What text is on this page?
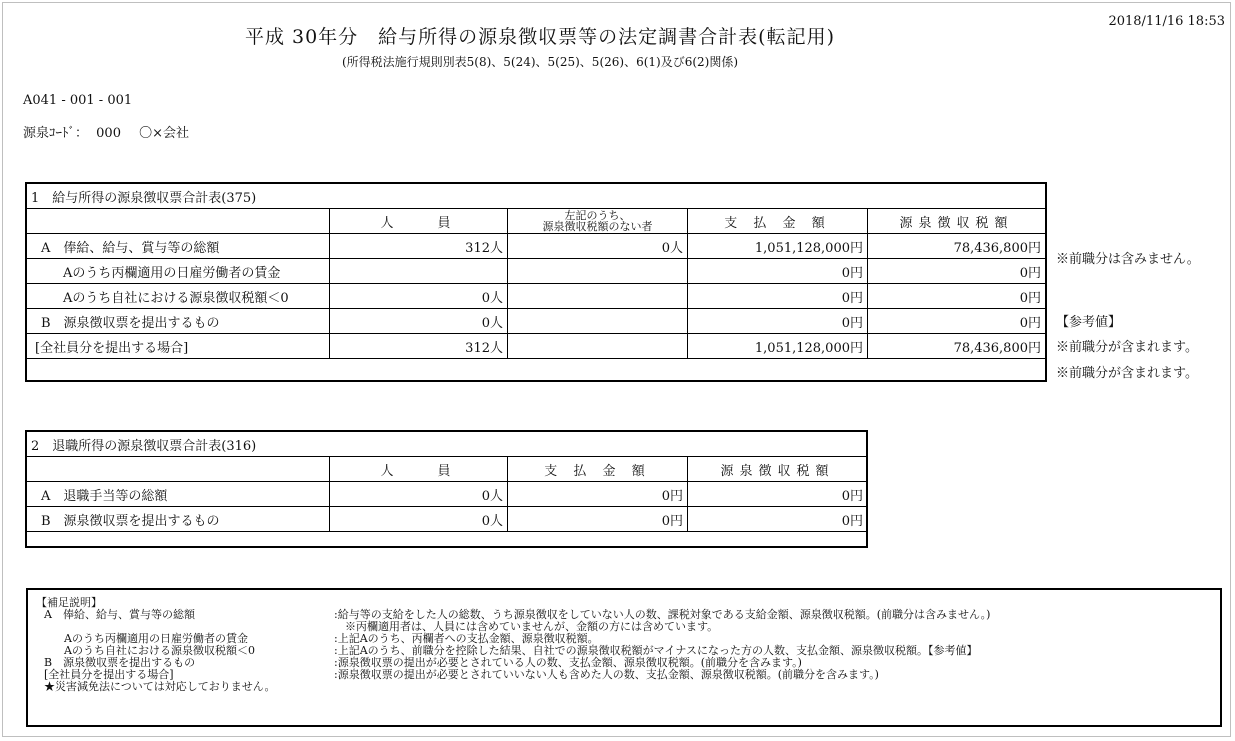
平成 30年分　給与所得の源泉徴収票等の法定調書合計表(転記用)
(所得税法施行規則別表5(8)、5(24)、5(25)、5(26)、6(1)及び6(2)関係)
2018/11/16 18:53
A041 - 001 - 001
源泉ｺｰﾄﾞ： 000 〇×会社
1　給与所得の源泉徴収票合計表(375)				
	人　　員	左記のうち、
源泉徴収税額のない者	支 払 金 額	源泉徴収税額
A　俸給、給与、賞与等の総額	312人	0人	1,051,128,000円	78,436,800円
Aのうち丙欄適用の日雇労働者の賃金			0円	0円
Aのうち自社における源泉徴収税額＜0	0人		0円	0円
B　源泉徴収票を提出するもの	0人		0円	0円
[全社員分を提出する場合]	312人		1,051,128,000円	78,436,800円
※前職分は含みません。
【参考値】
※前職分が含まれます。
※前職分が含まれます。
2　退職所得の源泉徴収票合計表(316)			
	人　　員	支 払 金 額	源泉徴収税額
A　退職手当等の総額	0人	0円	0円
B　源泉徴収票を提出するもの	0人	0円	0円
【補足説明】
A　俸給、給与、賞与等の総額	:給与等の支給をした人の総数、うち源泉徴収をしていない人の数、課税対象である支給金額、源泉徴収税額。(前職分は含みません。)
　※丙欄適用者は、人員には含めていませんが、金額の方には含めています。
Aのうち丙欄適用の日雇労働者の賃金	:上記Aのうち、丙欄者への支払金額、源泉徴収税額。
Aのうち自社における源泉徴収税額＜0	:上記Aのうち、前職分を控除した結果、自社での源泉徴収税額がマイナスになった方の人数、支払金額、源泉徴収税額。【参考値】
B　源泉徴収票を提出するもの	:源泉徴収票の提出が必要とされている人の数、支払金額、源泉徴収税額。(前職分を含みます。)
[全社員分を提出する場合]	:源泉徴収票の提出が必要とされていいない人も含めた人の数、支払金額、源泉徴収税額。(前職分を含みます。)
★災害減免法については対応しておりません。
